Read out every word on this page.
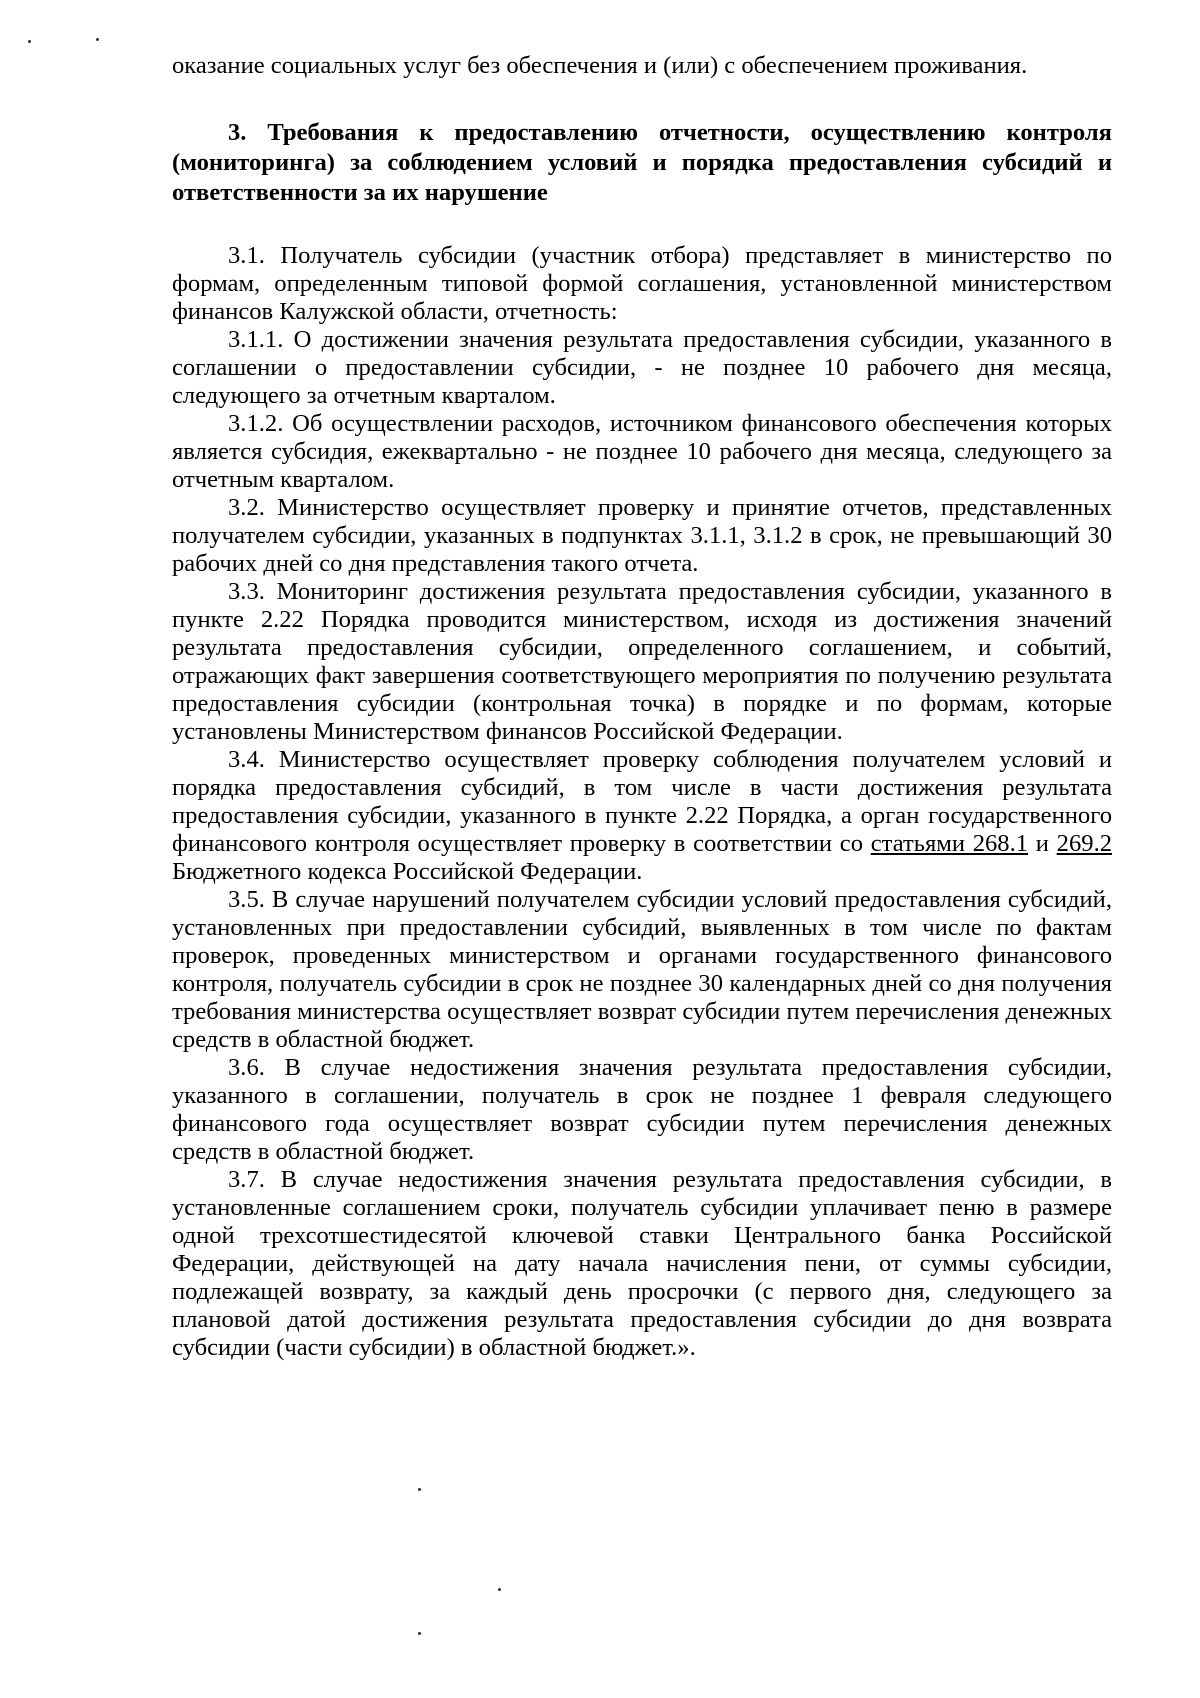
оказание социальных услуг без обеспечения и (или) с обеспечением проживания.

3. Требования к предоставлению отчетности, осуществлению контроля (мониторинга) за соблюдением условий и порядка предоставления субсидий и ответственности за их нарушение

3.1. Получатель субсидии (участник отбора) представляет в министерство по формам, определенным типовой формой соглашения, установленной министерством финансов Калужской области, отчетность:

3.1.1. О достижении значения результата предоставления субсидии, указанного в соглашении о предоставлении субсидии, - не позднее 10 рабочего дня месяца, следующего за отчетным кварталом.

3.1.2. Об осуществлении расходов, источником финансового обеспечения которых является субсидия, ежеквартально - не позднее 10 рабочего дня месяца, следующего за отчетным кварталом.

3.2. Министерство осуществляет проверку и принятие отчетов, представленных получателем субсидии, указанных в подпунктах 3.1.1, 3.1.2 в срок, не превышающий 30 рабочих дней со дня представления такого отчета.

3.3. Мониторинг достижения результата предоставления субсидии, указанного в пункте 2.22 Порядка проводится министерством, исходя из достижения значений результата предоставления субсидии, определенного соглашением, и событий, отражающих факт завершения соответствующего мероприятия по получению результата предоставления субсидии (контрольная точка) в порядке и по формам, которые установлены Министерством финансов Российской Федерации.

3.4. Министерство осуществляет проверку соблюдения получателем условий и порядка предоставления субсидий, в том числе в части достижения результата предоставления субсидии, указанного в пункте 2.22 Порядка, а орган государственного финансового контроля осуществляет проверку в соответствии со статьями 268.1 и 269.2 Бюджетного кодекса Российской Федерации.

3.5. В случае нарушений получателем субсидии условий предоставления субсидий, установленных при предоставлении субсидий, выявленных в том числе по фактам проверок, проведенных министерством и органами государственного финансового контроля, получатель субсидии в срок не позднее 30 календарных дней со дня получения требования министерства осуществляет возврат субсидии путем перечисления денежных средств в областной бюджет.

3.6. В случае недостижения значения результата предоставления субсидии, указанного в соглашении, получатель в срок не позднее 1 февраля следующего финансового года осуществляет возврат субсидии путем перечисления денежных средств в областной бюджет.

3.7. В случае недостижения значения результата предоставления субсидии, в установленные соглашением сроки, получатель субсидии уплачивает пеню в размере одной трехсотшестидесятой ключевой ставки Центрального банка Российской Федерации, действующей на дату начала начисления пени, от суммы субсидии, подлежащей возврату, за каждый день просрочки (с первого дня, следующего за плановой датой достижения результата предоставления субсидии до дня возврата субсидии (части субсидии) в областной бюджет.».
